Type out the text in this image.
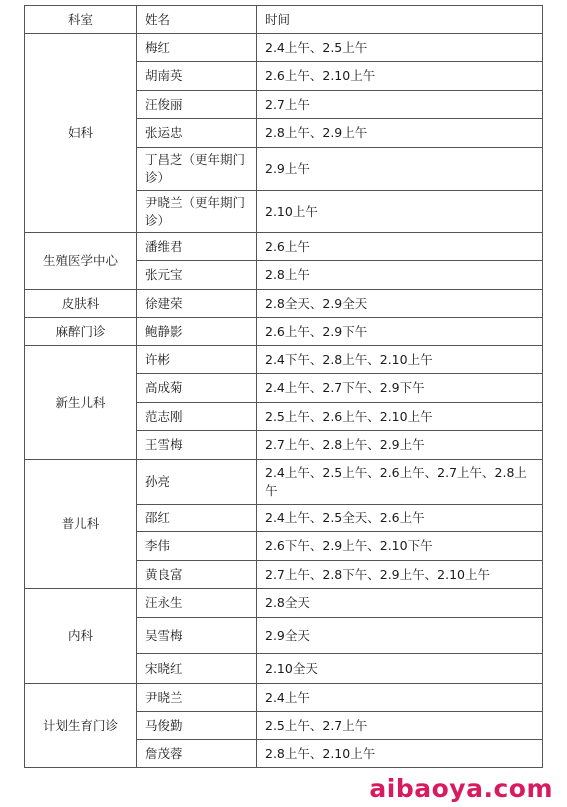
科室	姓名	时间
妇科	梅红	2.4上午、2.5上午
	胡南英	2.6上午、2.10上午
	汪俊丽	2.7上午
	张运忠	2.8上午、2.9上午
	丁昌芝（更年期门诊）	2.9上午
	尹晓兰（更年期门诊）	2.10上午
生殖医学中心	潘维君	2.6上午
	张元宝	2.8上午
皮肤科	徐建荣	2.8全天、2.9全天
麻醉门诊	鲍静影	2.6上午、2.9下午
新生儿科	许彬	2.4下午、2.8上午、2.10上午
	高成菊	2.4上午、2.7下午、2.9下午
	范志刚	2.5上午、2.6上午、2.10上午
	王雪梅	2.7上午、2.8上午、2.9上午
普儿科	孙亮	2.4上午、2.5上午、2.6上午、2.7上午、2.8上午
	邵红	2.4上午、2.5全天、2.6上午
	李伟	2.6下午、2.9上午、2.10下午
	黄良富	2.7上午、2.8下午、2.9上午、2.10上午
内科	汪永生	2.8全天
	吴雪梅	2.9全天
	宋晓红	2.10全天
计划生育门诊	尹晓兰	2.4上午
	马俊勤	2.5上午、2.7上午
	詹茂蓉	2.8上午、2.10上午
aibaoya.com
